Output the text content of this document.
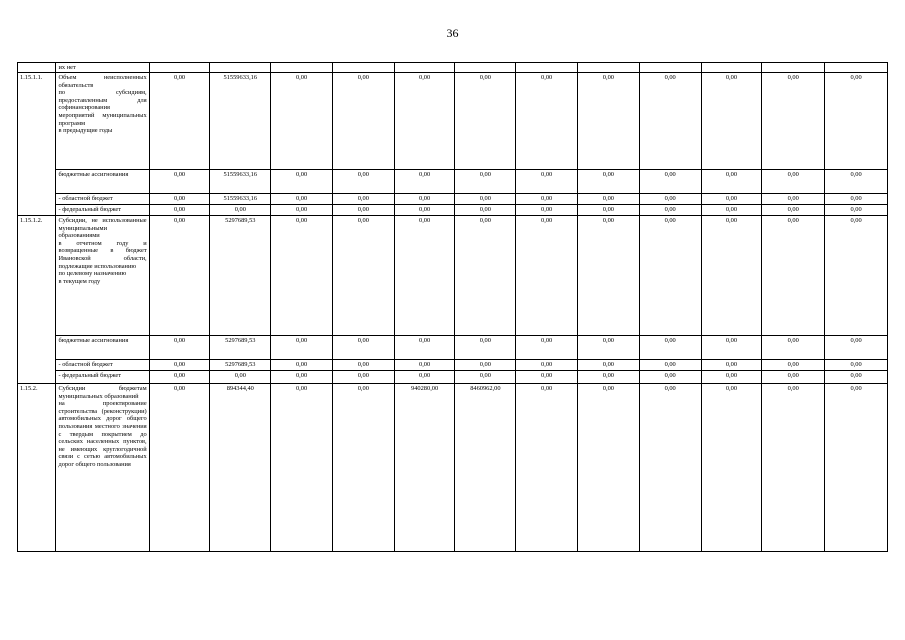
36
	их нет												
1.15.1.1.	Объем неисполненных обязательств
по субсидиям, предоставленным для софинансирования мероприятий муниципальных программ
в предыдущие годы	0,00	51559633,16	0,00	0,00	0,00	0,00	0,00	0,00	0,00	0,00	0,00	0,00

	бюджетные ассигнования	0,00	51559633,16	0,00	0,00	0,00	0,00	0,00	0,00	0,00	0,00	0,00	0,00

	- областной бюджет	0,00	51559633,16	0,00	0,00	0,00	0,00	0,00	0,00	0,00	0,00	0,00	0,00

	- федеральный бюджет	0,00	0,00	0,00	0,00	0,00	0,00	0,00	0,00	0,00	0,00	0,00	0,00
1.15.1.2.	Субсидии, не использованные муниципальными образованиями
в отчетном году и возвращенные в бюджет Ивановской области, подлежащие использованию
по целевому назначению
в текущем году	0,00	5297689,53	0,00	0,00	0,00	0,00	0,00	0,00	0,00	0,00	0,00	0,00

	бюджетные ассигнования	0,00	5297689,53	0,00	0,00	0,00	0,00	0,00	0,00	0,00	0,00	0,00	0,00

	- областной бюджет	0,00	5297689,53	0,00	0,00	0,00	0,00	0,00	0,00	0,00	0,00	0,00	0,00

	- федеральный бюджет	0,00	0,00	0,00	0,00	0,00	0,00	0,00	0,00	0,00	0,00	0,00	0,00
1.15.2.	Субсидии бюджетам муниципальных образований
на проектирование строительства (реконструкции) автомобильных дорог общего пользования местного значения с твердым покрытием до сельских населенных пунктов, не имеющих круглогодичной связи с сетью автомобильных дорог общего пользования	0,00	894344,40	0,00	0,00	940280,00	8460962,00	0,00	0,00	0,00	0,00	0,00	0,00
